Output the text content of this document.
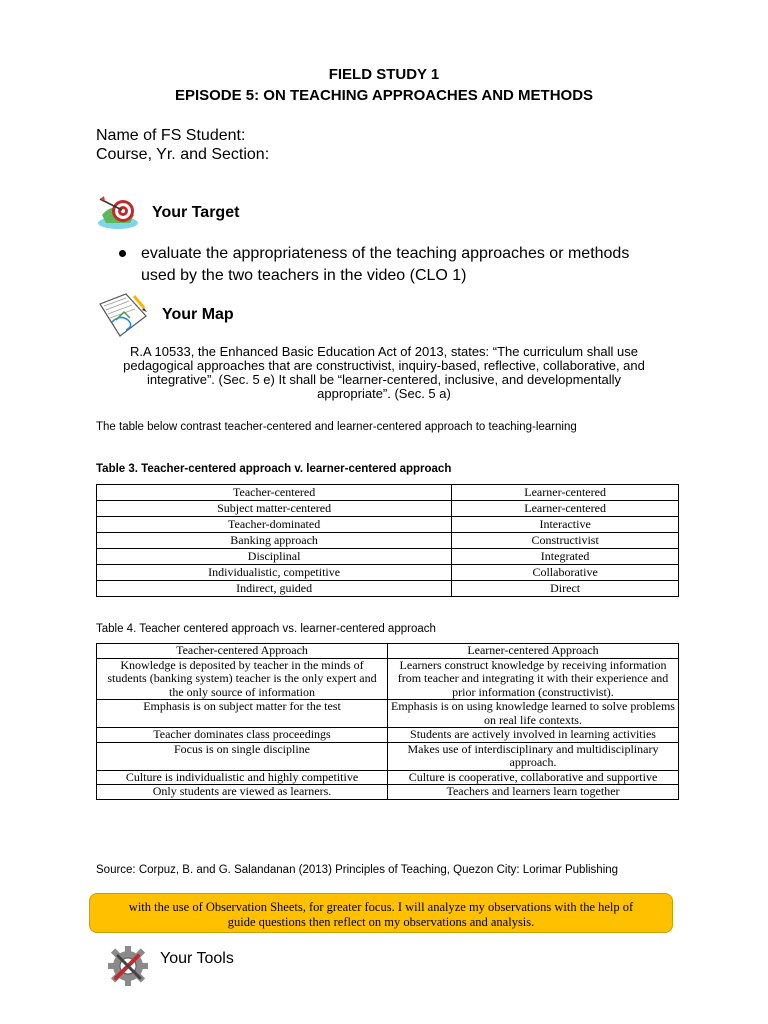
FIELD STUDY 1
EPISODE 5: ON TEACHING APPROACHES AND METHODS
Name of FS Student:
Course, Yr. and Section:
Your Target
evaluate the appropriateness of the teaching approaches or methods
used by the two teachers in the video (CLO 1)
Your Map
R.A 10533, the Enhanced Basic Education Act of 2013, states: “The curriculum shall use
pedagogical approaches that are constructivist, inquiry-based, reflective, collaborative, and
integrative”. (Sec. 5 e) It shall be “learner-centered, inclusive, and developmentally
appropriate”. (Sec. 5 a)
The table below contrast teacher-centered and learner-centered approach to teaching-learning
Table 3. Teacher-centered approach v. learner-centered approach
Teacher-centered	Learner-centered
Subject matter-centered	Learner-centered
Teacher-dominated	Interactive
Banking approach	Constructivist
Disciplinal	Integrated
Individualistic, competitive	Collaborative
Indirect, guided	Direct
Table 4. Teacher centered approach vs. learner-centered approach
Teacher-centered Approach	Learner-centered Approach
Knowledge is deposited by teacher in the minds of students (banking system) teacher is the only expert and the only source of information	Learners construct knowledge by receiving information from teacher and integrating it with their experience and prior information (constructivist).
Emphasis is on subject matter for the test	Emphasis is on using knowledge learned to solve problems on real life contexts.
Teacher dominates class proceedings	Students are actively involved in learning activities
Focus is on single discipline	Makes use of interdisciplinary and multidisciplinary approach.
Culture is individualistic and highly competitive	Culture is cooperative, collaborative and supportive
Only students are viewed as learners.	Teachers and learners learn together
Source: Corpuz, B. and G. Salandanan (2013) Principles of Teaching, Quezon City: Lorimar Publishing
with the use of Observation Sheets, for greater focus. I will analyze my observations with the help of
guide questions then reflect on my observations and analysis.
Your Tools
